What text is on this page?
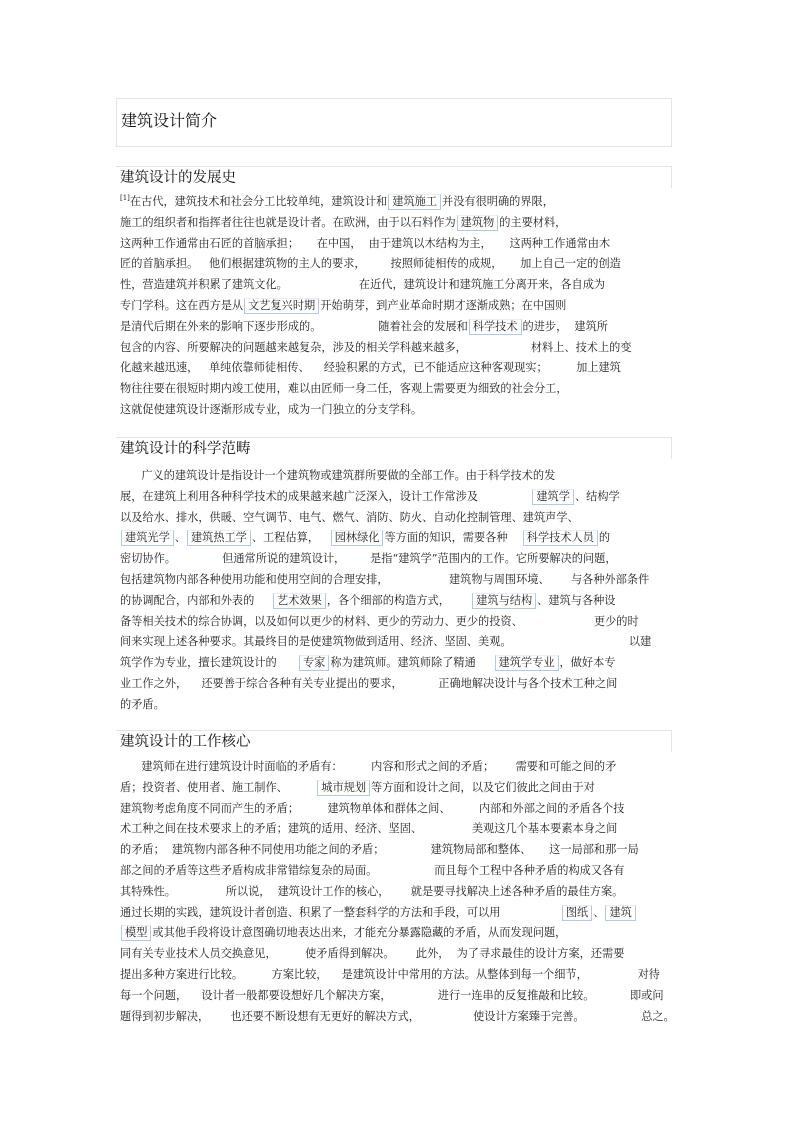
建筑设计简介
建筑设计的发展史
[1]在古代，建筑技术和社会分工比较单纯，建筑设计和 建筑施工 并没有很明确的界限，
施工的组织者和指挥者往往也就是设计者。在欧洲，由于以石料作为 建筑物 的主要材料，
这两种工作通常由石匠的首脑承担；     在中国，  由于建筑以木结构为主，     这两种工作通常由木
匠的首脑承担。   他们根据建筑物的主人的要求，       按照师徒相传的成规，     加上自己一定的创造
性，营造建筑并积累了建筑文化。                    在近代，建筑设计和建筑施工分离开来，各自成为
专门学科。这在西方是从 文艺复兴时期 开始萌芽，到产业革命时期才逐渐成熟；在中国则
是清代后期在外来的影响下逐步形成的。                随着社会的发展和 科学技术 的进步，  建筑所
包含的内容、所要解决的问题越来越复杂，涉及的相关学科越来越多，                  材料上、技术上的变
化越来越迅速，   单纯依靠师徒相传、    经验积累的方式，已不能适应这种客观现实；        加上建筑
物往往要在很短时期内竣工使用，难以由匠师一身二任，客观上需要更为细致的社会分工，
这就促使建筑设计逐渐形成专业，成为一门独立的分支学科。
建筑设计的科学范畴
广义的建筑设计是指设计一个建筑物或建筑群所要做的全部工作。由于科学技术的发
展，在建筑上利用各种科学技术的成果越来越广泛深入，设计工作常涉及               建筑学 、结构学
以及给水、排水，供暖、空气调节、电气、燃气、消防、防火、自动化控制管理、建筑声学、
建筑光学 、 建筑热工学 、工程估算，   园林绿化 等方面的知识，需要各种    科学技术人员 的
密切协作。             但通常所说的建筑设计，       是指“建筑学”范围内的工作。它所要解决的问题，
包括建筑物内部各种使用功能和使用空间的合理安排，                 建筑物与周围环境、      与各种外部条件
的协调配合，内部和外表的     艺术效果 ，各个细部的构造方式，      建筑与结构 、建筑与各种设
备等相关技术的综合协调，以及如何以更少的材料、更少的劳动力、更少的投资、                    更少的时
间来实现上述各种要求。其最终目的是使建筑物做到适用、经济、坚固、美观。                                 以建
筑学作为专业，擅长建筑设计的      专家 称为建筑师。建筑师除了精通     建筑学专业 ，做好本专
业工作之外，    还要善于综合各种有关专业提出的要求，          正确地解决设计与各个技术工种之间
的矛盾。
建筑设计的工作核心
建筑师在进行建筑设计时面临的矛盾有：        内容和形式之间的矛盾；      需要和可能之间的矛
盾；投资者、使用者、施工制作、        城市规划 等方面和设计之间，以及它们彼此之间由于对
建筑物考虑角度不同而产生的矛盾；        建筑物单体和群体之间、        内部和外部之间的矛盾各个技
术工种之间在技术要求上的矛盾；建筑的适用、经济、坚固、              美观这几个基本要素本身之间
的矛盾；  建筑物内部各种不同使用功能之间的矛盾；             建筑物局部和整体、     这一局部和那一局
部之间的矛盾等这些矛盾构成非常错综复杂的局面。                而且每个工程中各种矛盾的构成又各有
其特殊性。              所以说，  建筑设计工作的核心，      就是要寻找解决上述各种矛盾的最佳方案。
通过长期的实践，建筑设计者创造、积累了一整套科学的方法和手段，可以用                 图纸 、 建筑
模型 或其他手段将设计意图确切地表达出来，才能充分暴露隐藏的矛盾，从而发现问题，
同有关专业技术人员交换意见，        使矛盾得到解决。      此外，  为了寻求最佳的设计方案，还需要
提出多种方案进行比较。        方案比较，    是建筑设计中常用的方法。从整体到每一个细节，              对待
每一个问题，    设计者一般都要设想好几个解决方案，             进行一连串的反复推敲和比较。          即或问
题得到初步解决，      也还要不断设想有无更好的解决方式，               使设计方案臻于完善。                总之。
